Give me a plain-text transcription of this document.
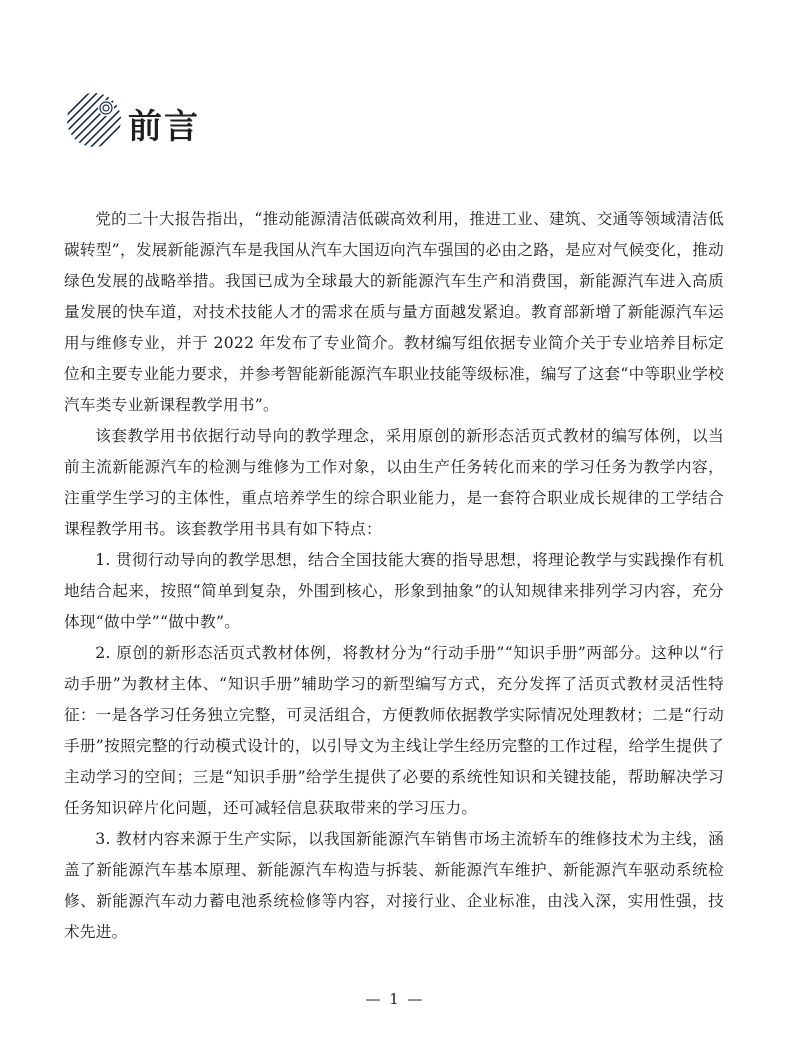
前言

党的二十大报告指出，“推动能源清洁低碳高效利用，推进工业、建筑、交通等领域清洁低碳转型”，发展新能源汽车是我国从汽车大国迈向汽车强国的必由之路，是应对气候变化，推动绿色发展的战略举措。我国已成为全球最大的新能源汽车生产和消费国，新能源汽车进入高质量发展的快车道，对技术技能人才的需求在质与量方面越发紧迫。教育部新增了新能源汽车运用与维修专业，并于 2022 年发布了专业简介。教材编写组依据专业简介关于专业培养目标定位和主要专业能力要求，并参考智能新能源汽车职业技能等级标准，编写了这套“中等职业学校汽车类专业新课程教学用书”。

该套教学用书依据行动导向的教学理念，采用原创的新形态活页式教材的编写体例，以当前主流新能源汽车的检测与维修为工作对象，以由生产任务转化而来的学习任务为教学内容，注重学生学习的主体性，重点培养学生的综合职业能力，是一套符合职业成长规律的工学结合课程教学用书。该套教学用书具有如下特点：

1. 贯彻行动导向的教学思想，结合全国技能大赛的指导思想，将理论教学与实践操作有机地结合起来，按照“简单到复杂，外围到核心，形象到抽象”的认知规律来排列学习内容，充分体现“做中学”“做中教”。

2. 原创的新形态活页式教材体例，将教材分为“行动手册”“知识手册”两部分。这种以“行动手册”为教材主体、“知识手册”辅助学习的新型编写方式，充分发挥了活页式教材灵活性特征：一是各学习任务独立完整，可灵活组合，方便教师依据教学实际情况处理教材；二是“行动手册”按照完整的行动模式设计的，以引导文为主线让学生经历完整的工作过程，给学生提供了主动学习的空间；三是“知识手册”给学生提供了必要的系统性知识和关键技能，帮助解决学习任务知识碎片化问题，还可减轻信息获取带来的学习压力。

3. 教材内容来源于生产实际，以我国新能源汽车销售市场主流轿车的维修技术为主线，涵盖了新能源汽车基本原理、新能源汽车构造与拆装、新能源汽车维护、新能源汽车驱动系统检修、新能源汽车动力蓄电池系统检修等内容，对接行业、企业标准，由浅入深，实用性强，技术先进。

— 1 —
